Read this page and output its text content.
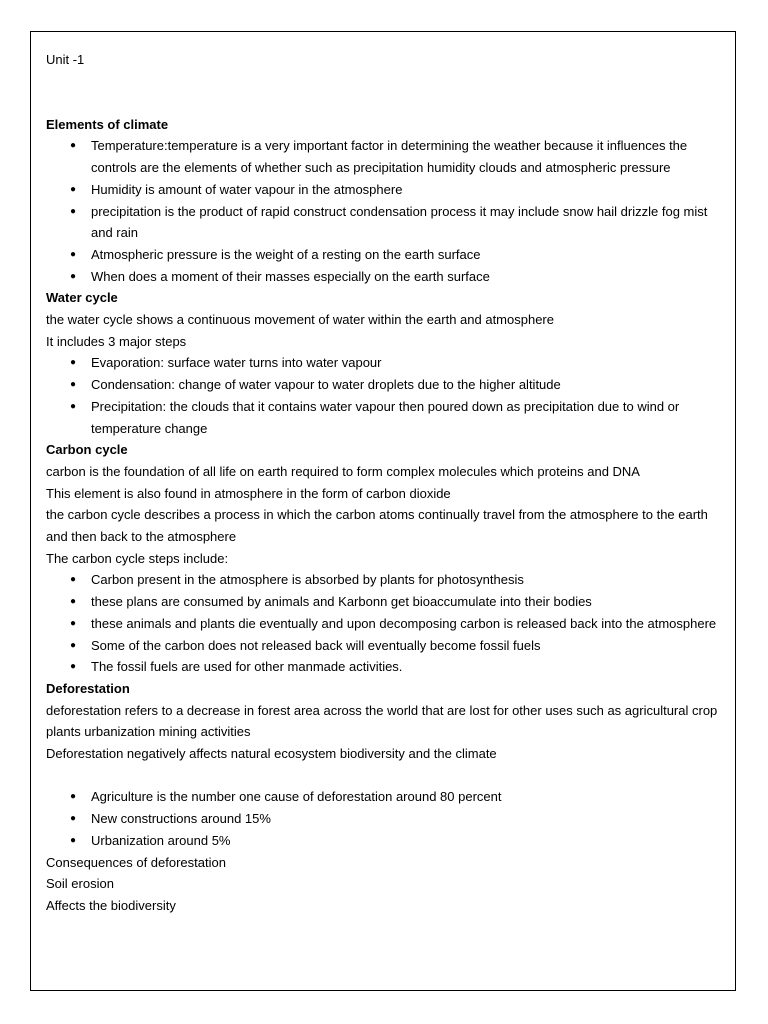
Unit -1

Elements of climate

● Temperature:temperature is a very important factor in determining the weather because it influences the controls are the elements of whether such as precipitation humidity clouds and atmospheric pressure
● Humidity is amount of water vapour in the atmosphere
● precipitation is the product of rapid construct condensation process it may include snow hail drizzle fog mist and rain
● Atmospheric pressure is the weight of a resting on the earth surface
● When does a moment of their masses especially on the earth surface

Water cycle

the water cycle shows a continuous movement of water within the earth and atmosphere

It includes 3 major steps

● Evaporation: surface water turns into water vapour
● Condensation: change of water vapour to water droplets due to the higher altitude
● Precipitation: the clouds that it contains water vapour then poured down as precipitation due to wind or temperature change

Carbon cycle

carbon is the foundation of all life on earth required to form complex molecules which proteins and DNA

This element is also found in atmosphere in the form of carbon dioxide

the carbon cycle describes a process in which the carbon atoms continually travel from the atmosphere to the earth and then back to the atmosphere

The carbon cycle steps include:

● Carbon present in the atmosphere is absorbed by plants for photosynthesis
● these plans are consumed by animals and Karbonn get bioaccumulate into their bodies
● these animals and plants die eventually and upon decomposing carbon is released back into the atmosphere
● Some of the carbon does not released back will eventually become fossil fuels
● The fossil fuels are used for other manmade activities.

Deforestation

deforestation refers to a decrease in forest area across the world that are lost for other uses such as agricultural crop plants urbanization mining activities

Deforestation negatively affects natural ecosystem biodiversity and the climate

● Agriculture is the number one cause of deforestation around 80 percent
● New constructions around 15%
● Urbanization around 5%

Consequences of deforestation

Soil erosion

Affects the biodiversity
